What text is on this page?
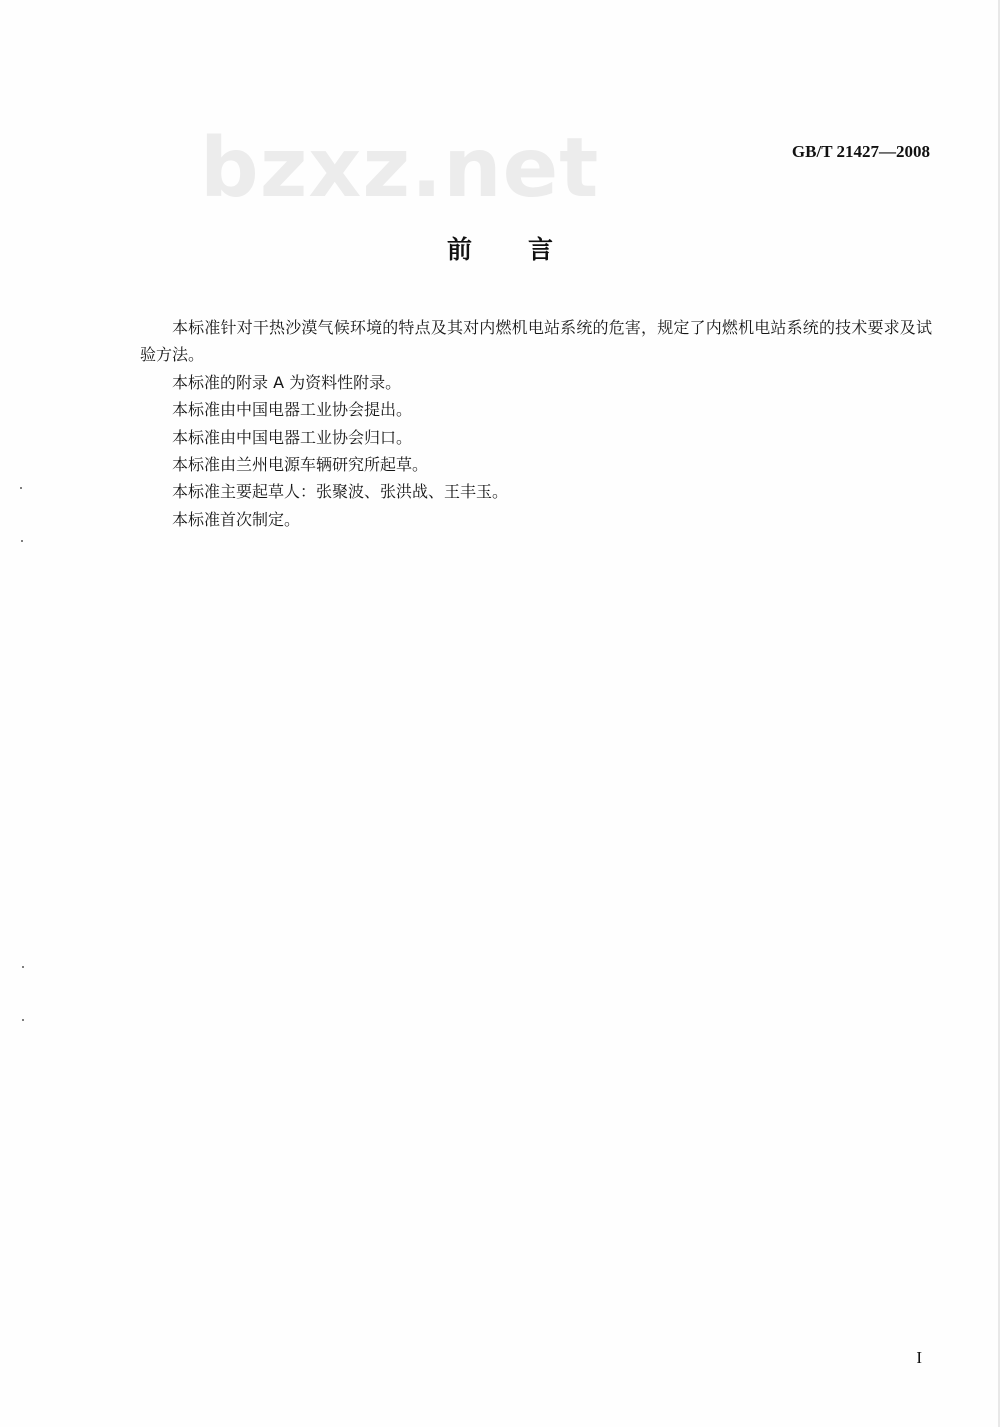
bzxz.net	GB/T 21427—2008
前言

本标准针对干热沙漠气候环境的特点及其对内燃机电站系统的危害，规定了内燃机电站系统的技术要求及试验方法。

本标准的附录 A 为资料性附录。

本标准由中国电器工业协会提出。

本标准由中国电器工业协会归口。

本标准由兰州电源车辆研究所起草。

本标准主要起草人：张聚波、张洪战、王丰玉。

本标准首次制定。

I
